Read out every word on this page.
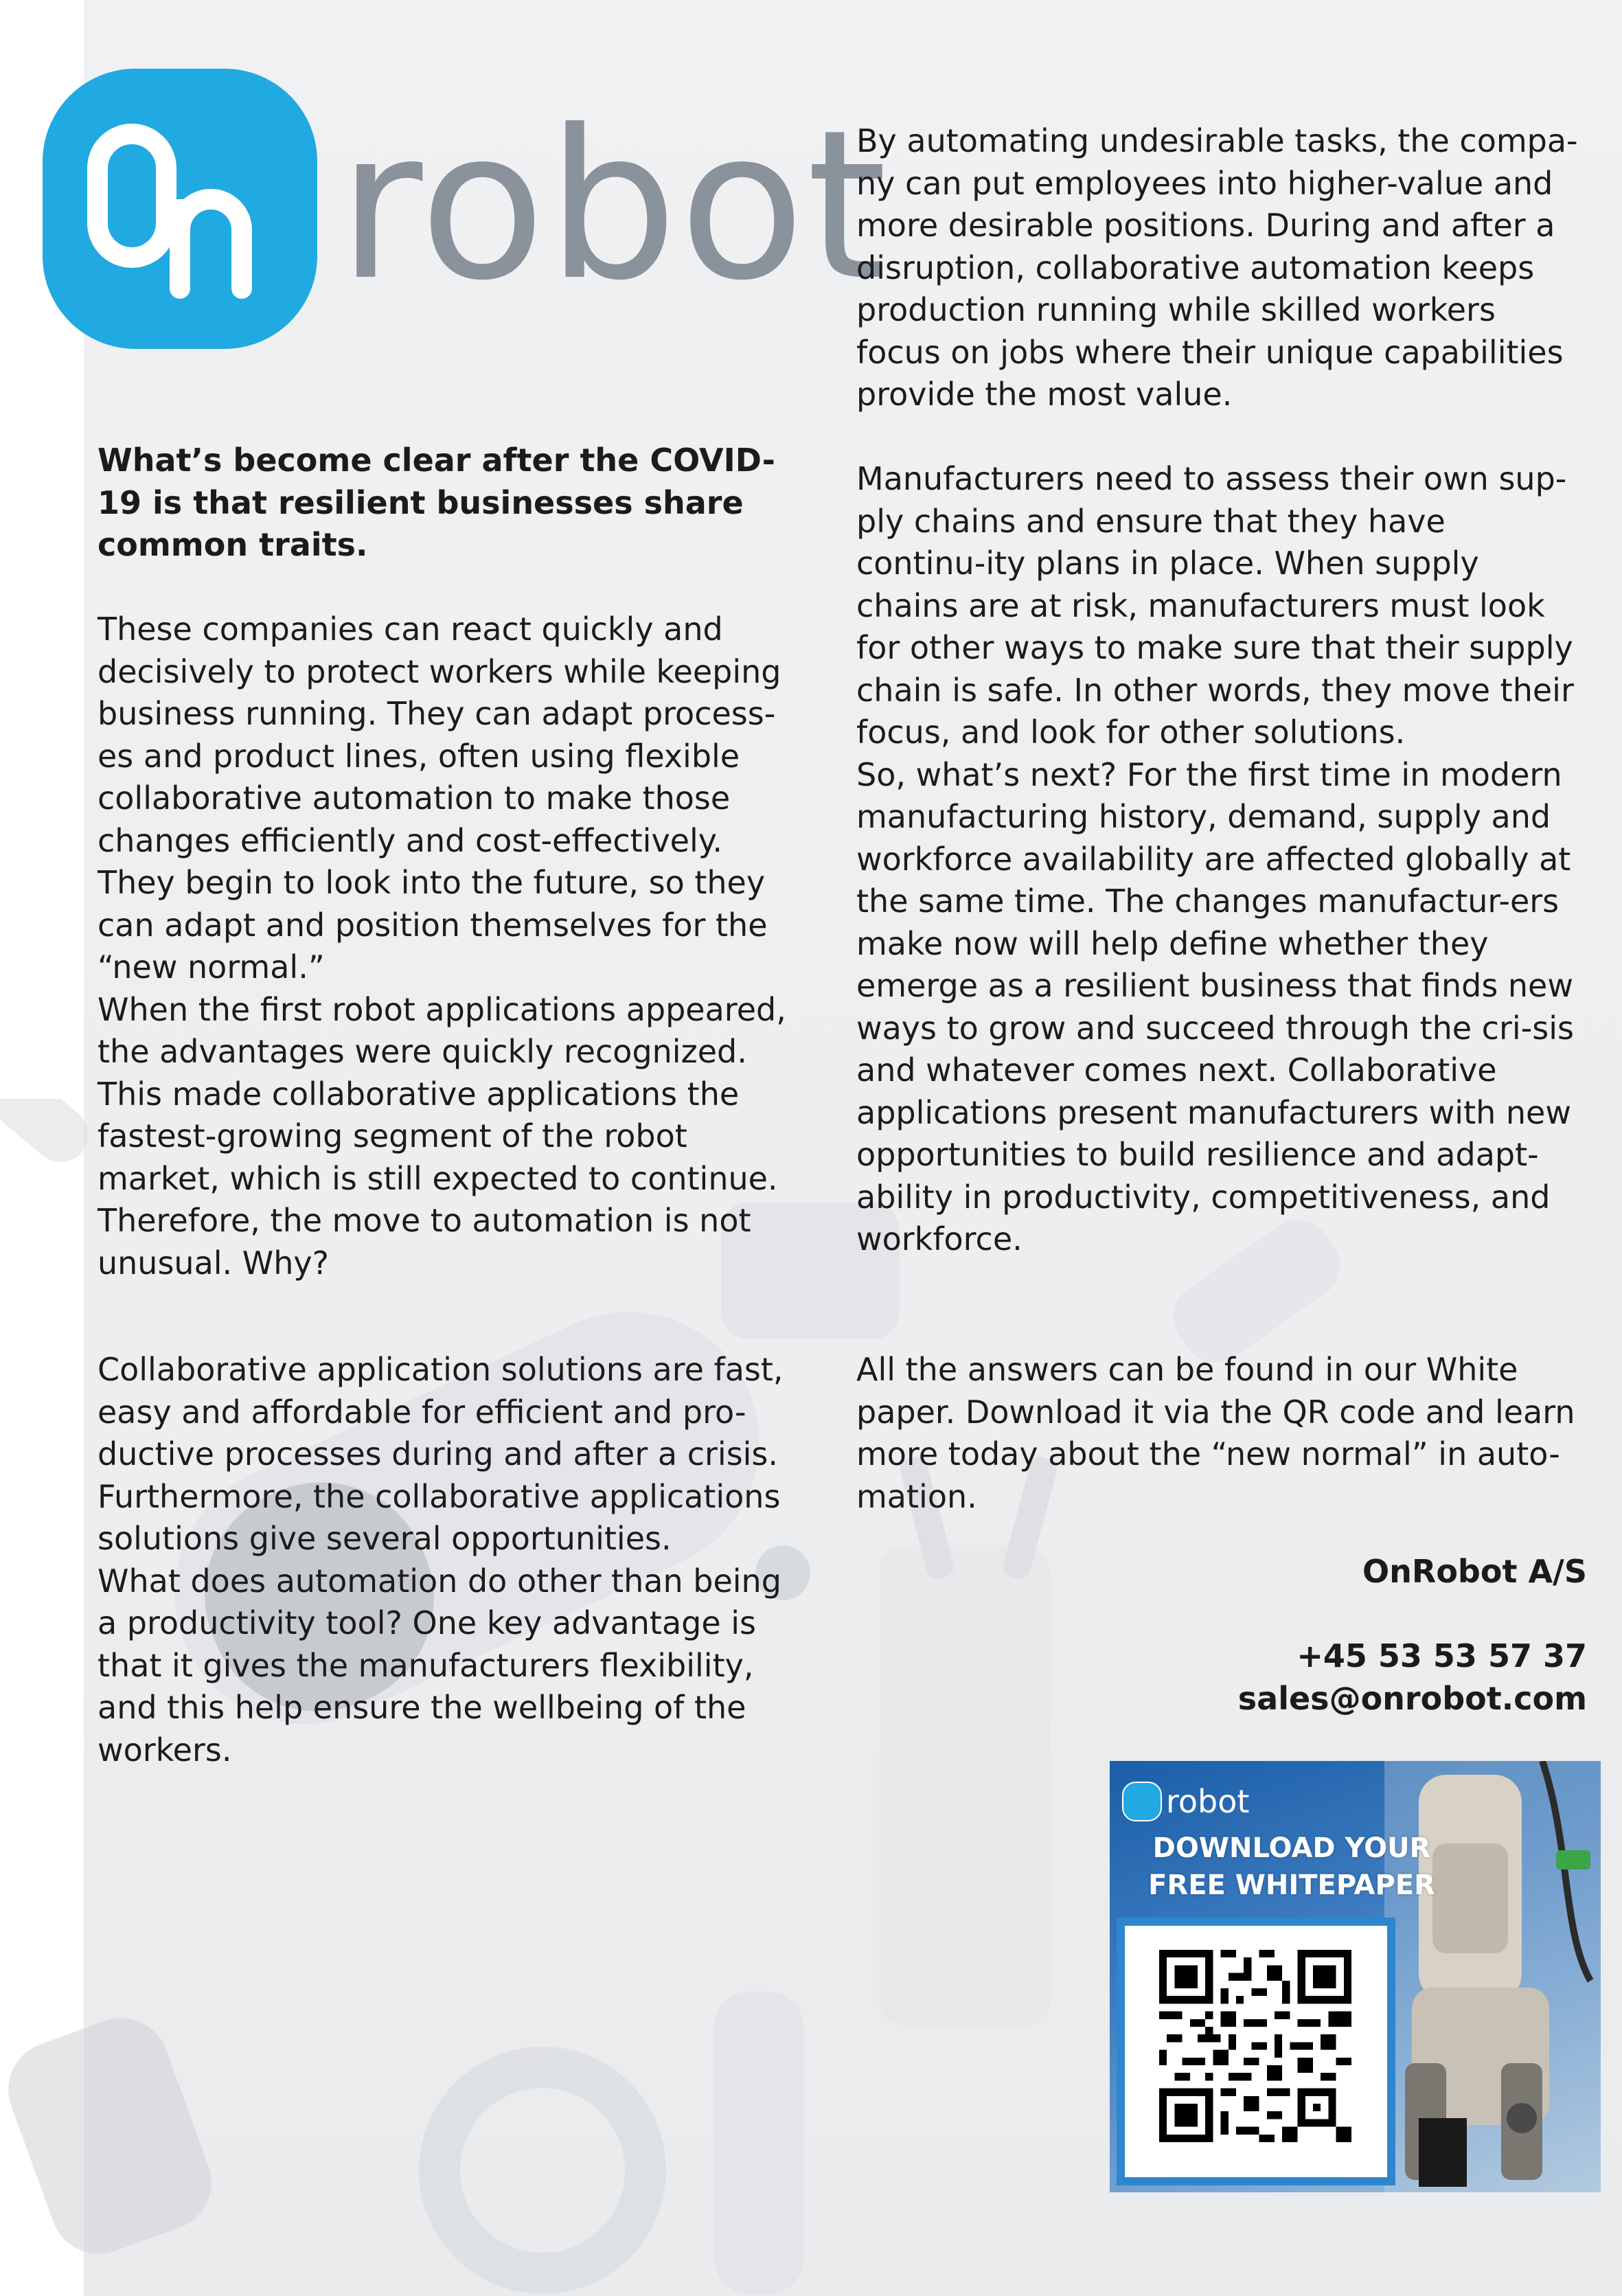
robot

What’s become clear after the COVID-19 is that resilient businesses share common traits.

These companies can react quickly and decisively to protect workers while keeping business running. They can adapt process-es and product lines, often using flexible collaborative automation to make those changes efficiently and cost-effectively. They begin to look into the future, so they can adapt and position themselves for the “new normal.”

When the first robot applications appeared, the advantages were quickly recognized. This made collaborative applications the fastest-growing segment of the robot market, which is still expected to continue. Therefore, the move to automation is not unusual. Why?

Collaborative application solutions are fast, easy and affordable for efficient and pro-ductive processes during and after a crisis. Furthermore, the collaborative applications solutions give several opportunities.

What does automation do other than being a productivity tool? One key advantage is that it gives the manufacturers flexibility, and this help ensure the wellbeing of the workers.

By automating undesirable tasks, the compa-ny can put employees into higher-value and more desirable positions. During and after a disruption, collaborative automation keeps production running while skilled workers focus on jobs where their unique capabilities provide the most value.

Manufacturers need to assess their own sup-ply chains and ensure that they have continu-ity plans in place. When supply chains are at risk, manufacturers must look for other ways to make sure that their supply chain is safe. In other words, they move their focus, and look for other solutions.

So, what’s next? For the first time in modern manufacturing history, demand, supply and workforce availability are affected globally at the same time. The changes manufactur-ers make now will help define whether they emerge as a resilient business that finds new ways to grow and succeed through the cri-sis and whatever comes next. Collaborative applications present manufacturers with new opportunities to build resilience and adapt-ability in productivity, competitiveness, and workforce.

All the answers can be found in our White paper. Download it via the QR code and learn more today about the “new normal” in auto-mation.

OnRobot A/S
+45 53 53 57 37
sales@onrobot.com
robot
DOWNLOAD YOUR
FREE WHITEPAPER
